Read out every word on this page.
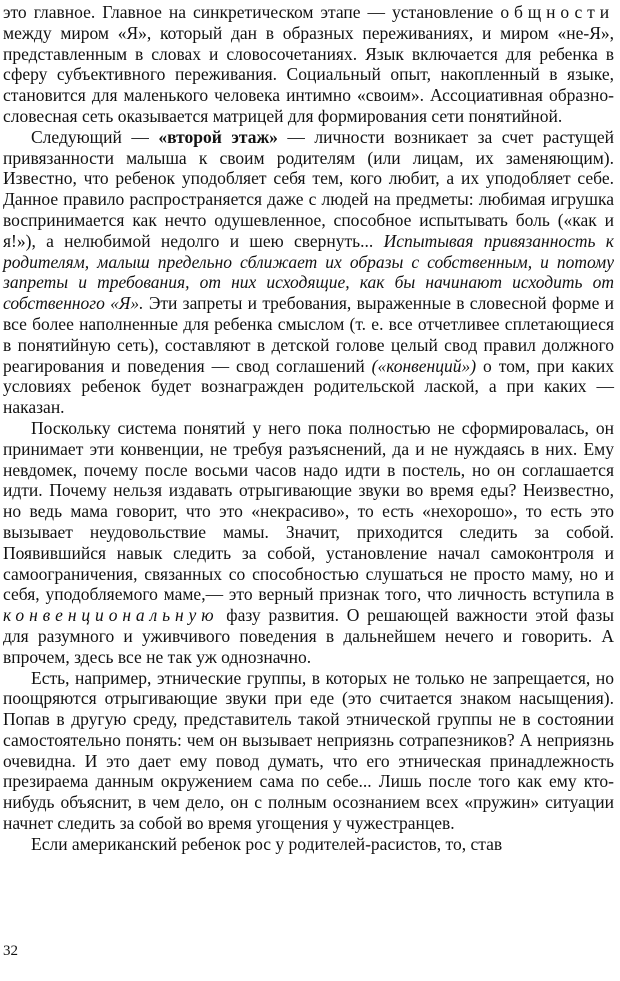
это главное. Главное на синкретическом этапе — установление общности между миром «Я», который дан в образных переживаниях, и миром «не-Я», представленным в словах и словосочетаниях. Язык включается для ребенка в сферу субъективного переживания. Социальный опыт, накопленный в языке, становится для маленького человека интимно «своим». Ассоциативная образно-словесная сеть оказывается матрицей для формирования сети понятийной.

Следующий — «второй этаж» — личности возникает за счет растущей привязанности малыша к своим родителям (или лицам, их заменяющим). Известно, что ребенок уподобляет себя тем, кого любит, а их уподобляет себе. Данное правило распространяется даже с людей на предметы: любимая игрушка воспринимается как нечто одушевленное, способное испытывать боль («как и я!»), а нелюбимой недолго и шею свернуть... Испытывая привязанность к родителям, малыш предельно сближает их образы с собственным, и потому запреты и требования, от них исходящие, как бы начинают исходить от собственного «Я». Эти запреты и требования, выраженные в словесной форме и все более наполненные для ребенка смыслом (т. е. все отчетливее сплетающиеся в понятийную сеть), составляют в детской голове целый свод правил должного реагирования и поведения — свод соглашений («конвенций») о том, при каких условиях ребенок будет вознагражден родительской лаской, а при каких — наказан.

Поскольку система понятий у него пока полностью не сформировалась, он принимает эти конвенции, не требуя разъяснений, да и не нуждаясь в них. Ему невдомек, почему после восьми часов надо идти в постель, но он соглашается идти. Почему нельзя издавать отрыгивающие звуки во время еды? Неизвестно, но ведь мама говорит, что это «некрасиво», то есть «нехорошо», то есть это вызывает неудовольствие мамы. Значит, приходится следить за собой. Появившийся навык следить за собой, установление начал самоконтроля и самоограничения, связанных со способностью слушаться не просто маму, но и себя, уподобляемого маме,— это верный признак того, что личность вступила в конвенциональную фазу развития. О решающей важности этой фазы для разумного и уживчивого поведения в дальнейшем нечего и говорить. А впрочем, здесь все не так уж однозначно.

Есть, например, этнические группы, в которых не только не запрещается, но поощряются отрыгивающие звуки при еде (это считается знаком насыщения). Попав в другую среду, представитель такой этнической группы не в состоянии самостоятельно понять: чем он вызывает неприязнь сотрапезников? А неприязнь очевидна. И это дает ему повод думать, что его этническая принадлежность презираема данным окружением сама по себе... Лишь после того как ему кто-нибудь объяснит, в чем дело, он с полным осознанием всех «пружин» ситуации начнет следить за собой во время угощения у чужестранцев.

Если американский ребенок рос у родителей-расистов, то, став

32
